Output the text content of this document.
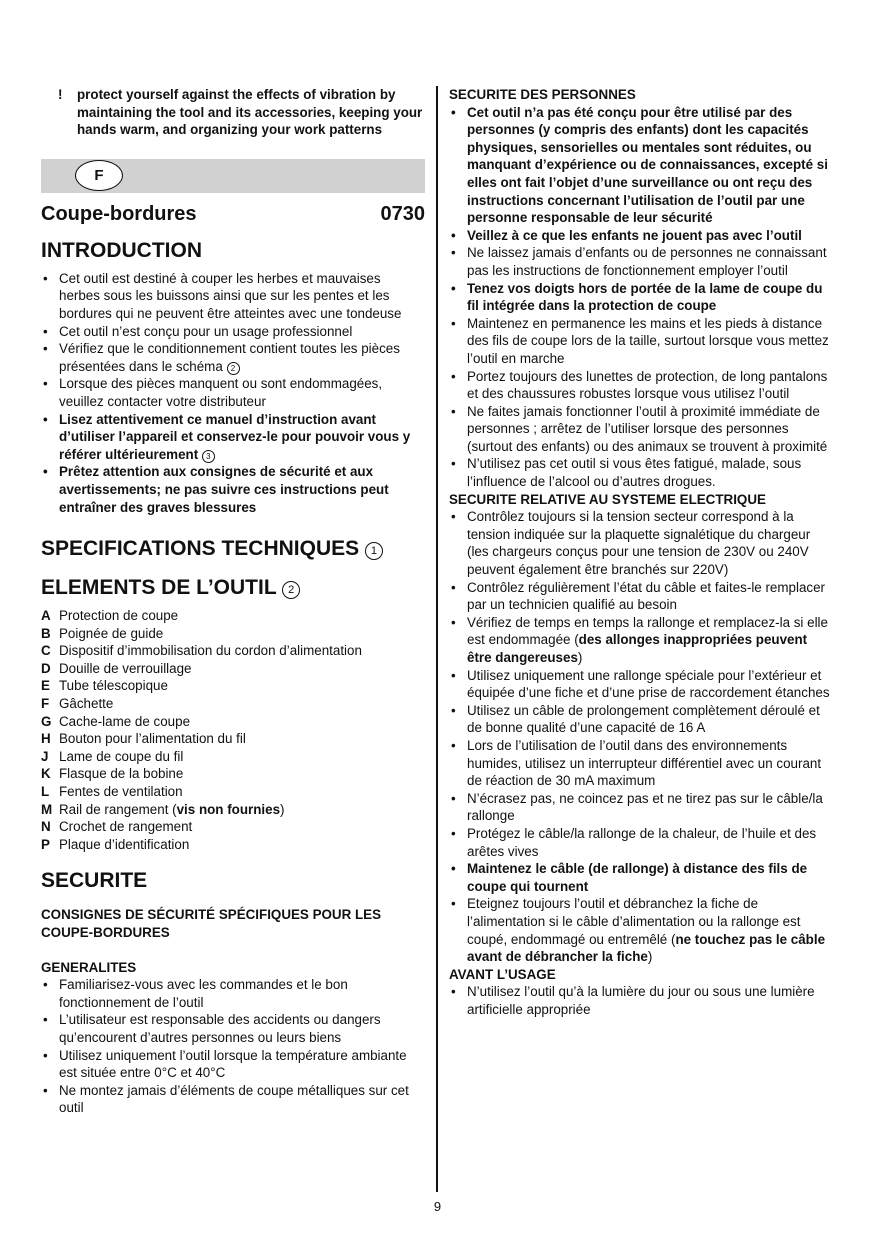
! protect yourself against the effects of vibration by maintaining the tool and its accessories, keeping your hands warm, and organizing your work patterns
F
Coupe-bordures	0730
INTRODUCTION
• Cet outil est destiné à couper les herbes et mauvaises herbes sous les buissons ainsi que sur les pentes et les bordures qui ne peuvent être atteintes avec une tondeuse
• Cet outil n’est conçu pour un usage professionnel
• Vérifiez que le conditionnement contient toutes les pièces présentées dans le schéma 2
• Lorsque des pièces manquent ou sont endommagées, veuillez contacter votre distributeur
• Lisez attentivement ce manuel d’instruction avant d’utiliser l’appareil et conservez-le pour pouvoir vous y référer ultérieurement 3
• Prêtez attention aux consignes de sécurité et aux avertissements; ne pas suivre ces instructions peut entraîner des graves blessures
SPECIFICATIONS TECHNIQUES 1
ELEMENTS DE L’OUTIL 2
A Protection de coupe
B Poignée de guide
C Dispositif d’immobilisation du cordon d’alimentation
D Douille de verrouillage
E Tube télescopique
F Gâchette
G Cache-lame de coupe
H Bouton pour l’alimentation du fil
J Lame de coupe du fil
K Flasque de la bobine
L Fentes de ventilation
M Rail de rangement (vis non fournies)
N Crochet de rangement
P Plaque d’identification
SECURITE
CONSIGNES DE SÉCURITÉ SPÉCIFIQUES POUR LES COUPE-BORDURES
GENERALITES
• Familiarisez-vous avec les commandes et le bon fonctionnement de l’outil
• L’utilisateur est responsable des accidents ou dangers qu’encourent d’autres personnes ou leurs biens
• Utilisez uniquement l’outil lorsque la température ambiante est située entre 0°C et 40°C
• Ne montez jamais d’éléments de coupe métalliques sur cet outil
SECURITE DES PERSONNES
• Cet outil n’a pas été conçu pour être utilisé par des personnes (y compris des enfants) dont les capacités physiques, sensorielles ou mentales sont réduites, ou manquant d’expérience ou de connaissances, excepté si elles ont fait l’objet d’une surveillance ou ont reçu des instructions concernant l’utilisation de l’outil par une personne responsable de leur sécurité
• Veillez à ce que les enfants ne jouent pas avec l’outil
• Ne laissez jamais d’enfants ou de personnes ne connaissant pas les instructions de fonctionnement employer l’outil
• Tenez vos doigts hors de portée de la lame de coupe du fil intégrée dans la protection de coupe
• Maintenez en permanence les mains et les pieds à distance des fils de coupe lors de la taille, surtout lorsque vous mettez l’outil en marche
• Portez toujours des lunettes de protection, de long pantalons et des chaussures robustes lorsque vous utilisez l’outil
• Ne faites jamais fonctionner l’outil à proximité immédiate de personnes ; arrêtez de l’utiliser lorsque des personnes (surtout des enfants) ou des animaux se trouvent à proximité
• N’utilisez pas cet outil si vous êtes fatigué, malade, sous l’influence de l’alcool ou d’autres drogues.
SECURITE RELATIVE AU SYSTEME ELECTRIQUE
• Contrôlez toujours si la tension secteur correspond à la tension indiquée sur la plaquette signalétique du chargeur (les chargeurs conçus pour une tension de 230V ou 240V peuvent également être branchés sur 220V)
• Contrôlez régulièrement l’état du câble et faites-le remplacer par un technicien qualifié au besoin
• Vérifiez de temps en temps la rallonge et remplacez-la si elle est endommagée (des allonges inappropriées peuvent être dangereuses)
• Utilisez uniquement une rallonge spéciale pour l’extérieur et équipée d’une fiche et d’une prise de raccordement étanches
• Utilisez un câble de prolongement complètement déroulé et de bonne qualité d’une capacité de 16 A
• Lors de l’utilisation de l’outil dans des environnements humides, utilisez un interrupteur différentiel avec un courant de réaction de 30 mA maximum
• N’écrasez pas, ne coincez pas et ne tirez pas sur le câble/la rallonge
• Protégez le câble/la rallonge de la chaleur, de l’huile et des arêtes vives
• Maintenez le câble (de rallonge) à distance des fils de coupe qui tournent
• Eteignez toujours l’outil et débranchez la fiche de l’alimentation si le câble d’alimentation ou la rallonge est coupé, endommagé ou entremêlé (ne touchez pas le câble avant de débrancher la fiche)
AVANT L’USAGE
• N’utilisez l’outil qu’à la lumière du jour ou sous une lumière artificielle appropriée
9
